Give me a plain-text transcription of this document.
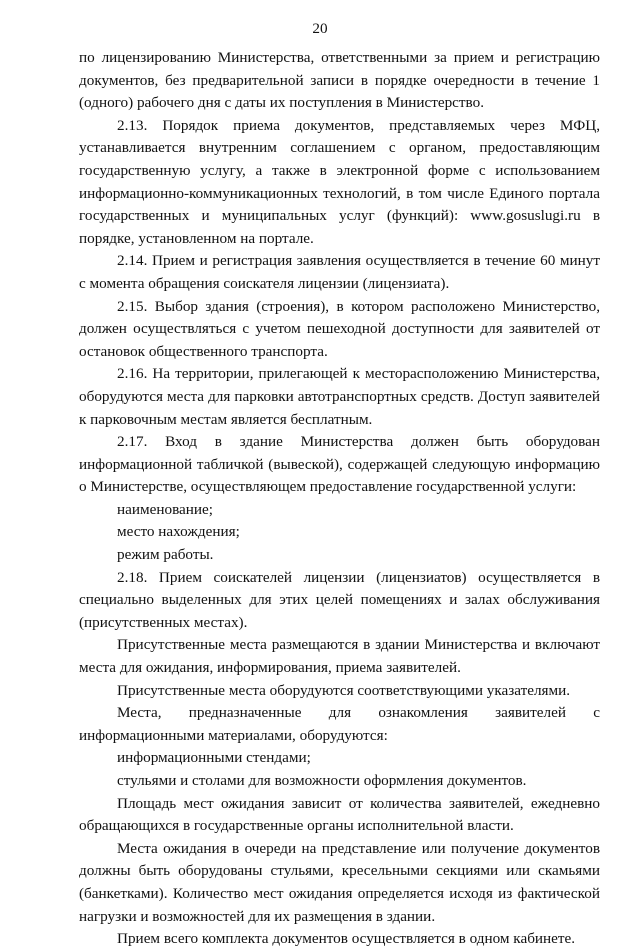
20

по лицензированию Министерства, ответственными за прием и регистрацию документов, без предварительной записи в порядке очередности в течение 1 (одного) рабочего дня с даты их поступления в Министерство.

2.13. Порядок приема документов, представляемых через МФЦ, устанавливается внутренним соглашением с органом, предоставляющим государственную услугу, а также в электронной форме с использованием информационно-коммуникационных технологий, в том числе Единого портала государственных и муниципальных услуг (функций): www.gosuslugi.ru в порядке, установленном на портале.

2.14. Прием и регистрация заявления осуществляется в течение 60 минут с момента обращения соискателя лицензии (лицензиата).

2.15. Выбор здания (строения), в котором расположено Министерство, должен осуществляться с учетом пешеходной доступности для заявителей от остановок общественного транспорта.

2.16. На территории, прилегающей к месторасположению Министерства, оборудуются места для парковки автотранспортных средств. Доступ заявителей к парковочным местам является бесплатным.

2.17. Вход в здание Министерства должен быть оборудован информационной табличкой (вывеской), содержащей следующую информацию о Министерстве, осуществляющем предоставление государственной услуги:

наименование;

место нахождения;

режим работы.

2.18. Прием соискателей лицензии (лицензиатов) осуществляется в специально выделенных для этих целей помещениях и залах обслуживания (присутственных местах).

Присутственные места размещаются в здании Министерства и включают места для ожидания, информирования, приема заявителей.

Присутственные места оборудуются соответствующими указателями.

Места, предназначенные для ознакомления заявителей с информационными материалами, оборудуются:

информационными стендами;

стульями и столами для возможности оформления документов.

Площадь мест ожидания зависит от количества заявителей, ежедневно обращающихся в государственные органы исполнительной власти.

Места ожидания в очереди на представление или получение документов должны быть оборудованы стульями, кресельными секциями или скамьями (банкетками). Количество мест ожидания определяется исходя из фактической нагрузки и возможностей для их размещения в здании.

Прием всего комплекта документов осуществляется в одном кабинете.
